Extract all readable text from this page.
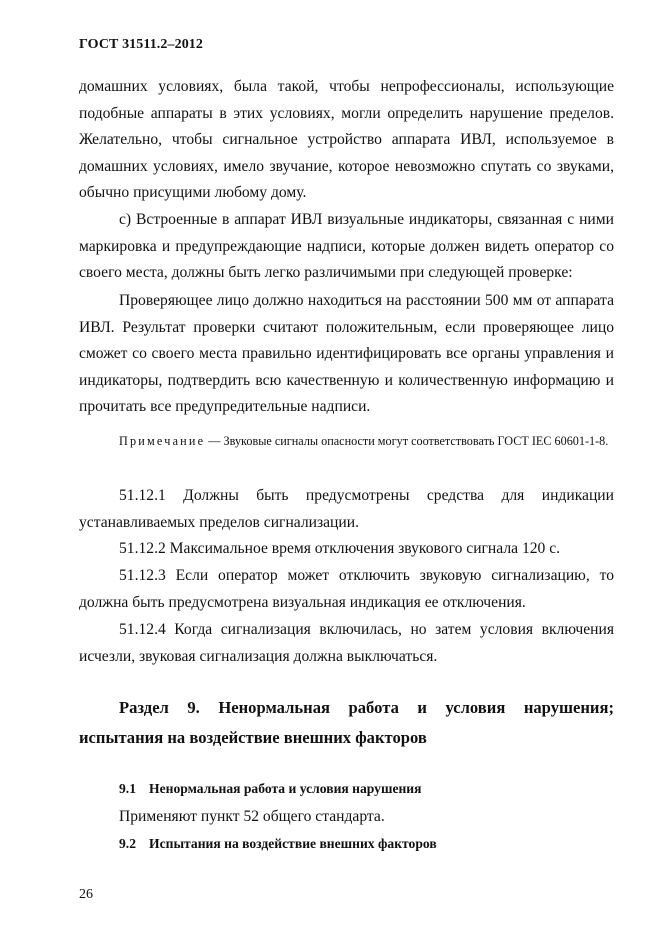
ГОСТ 31511.2–2012

домашних условиях, была такой, чтобы непрофессионалы, использующие подобные аппараты в этих условиях, могли определить нарушение пределов. Желательно, чтобы сигнальное устройство аппарата ИВЛ, используемое в домашних условиях, имело звучание, которое невозможно спутать со звуками, обычно присущими любому дому.

с) Встроенные в аппарат ИВЛ визуальные индикаторы, связанная с ними маркировка и предупреждающие надписи, которые должен видеть оператор со своего места, должны быть легко различимыми при следующей проверке:

Проверяющее лицо должно находиться на расстоянии 500 мм от аппарата ИВЛ. Результат проверки считают положительным, если проверяющее лицо сможет со своего места правильно идентифицировать все органы управления и индикаторы, подтвердить всю качественную и количественную информацию и прочитать все предупредительные надписи.

Примечание — Звуковые сигналы опасности могут соответствовать ГОСТ IEC 60601-1-8.

51.12.1 Должны быть предусмотрены средства для индикации устанавливаемых пределов сигнализации.

51.12.2 Максимальное время отключения звукового сигнала 120 с.

51.12.3 Если оператор может отключить звуковую сигнализацию, то должна быть предусмотрена визуальная индикация ее отключения.

51.12.4 Когда сигнализация включилась, но затем условия включения исчезли, звуковая сигнализация должна выключаться.

Раздел 9. Ненормальная работа и условия нарушения; испытания на воздействие внешних факторов

9.1 Ненормальная работа и условия нарушения

Применяют пункт 52 общего стандарта.

9.2 Испытания на воздействие внешних факторов
26
